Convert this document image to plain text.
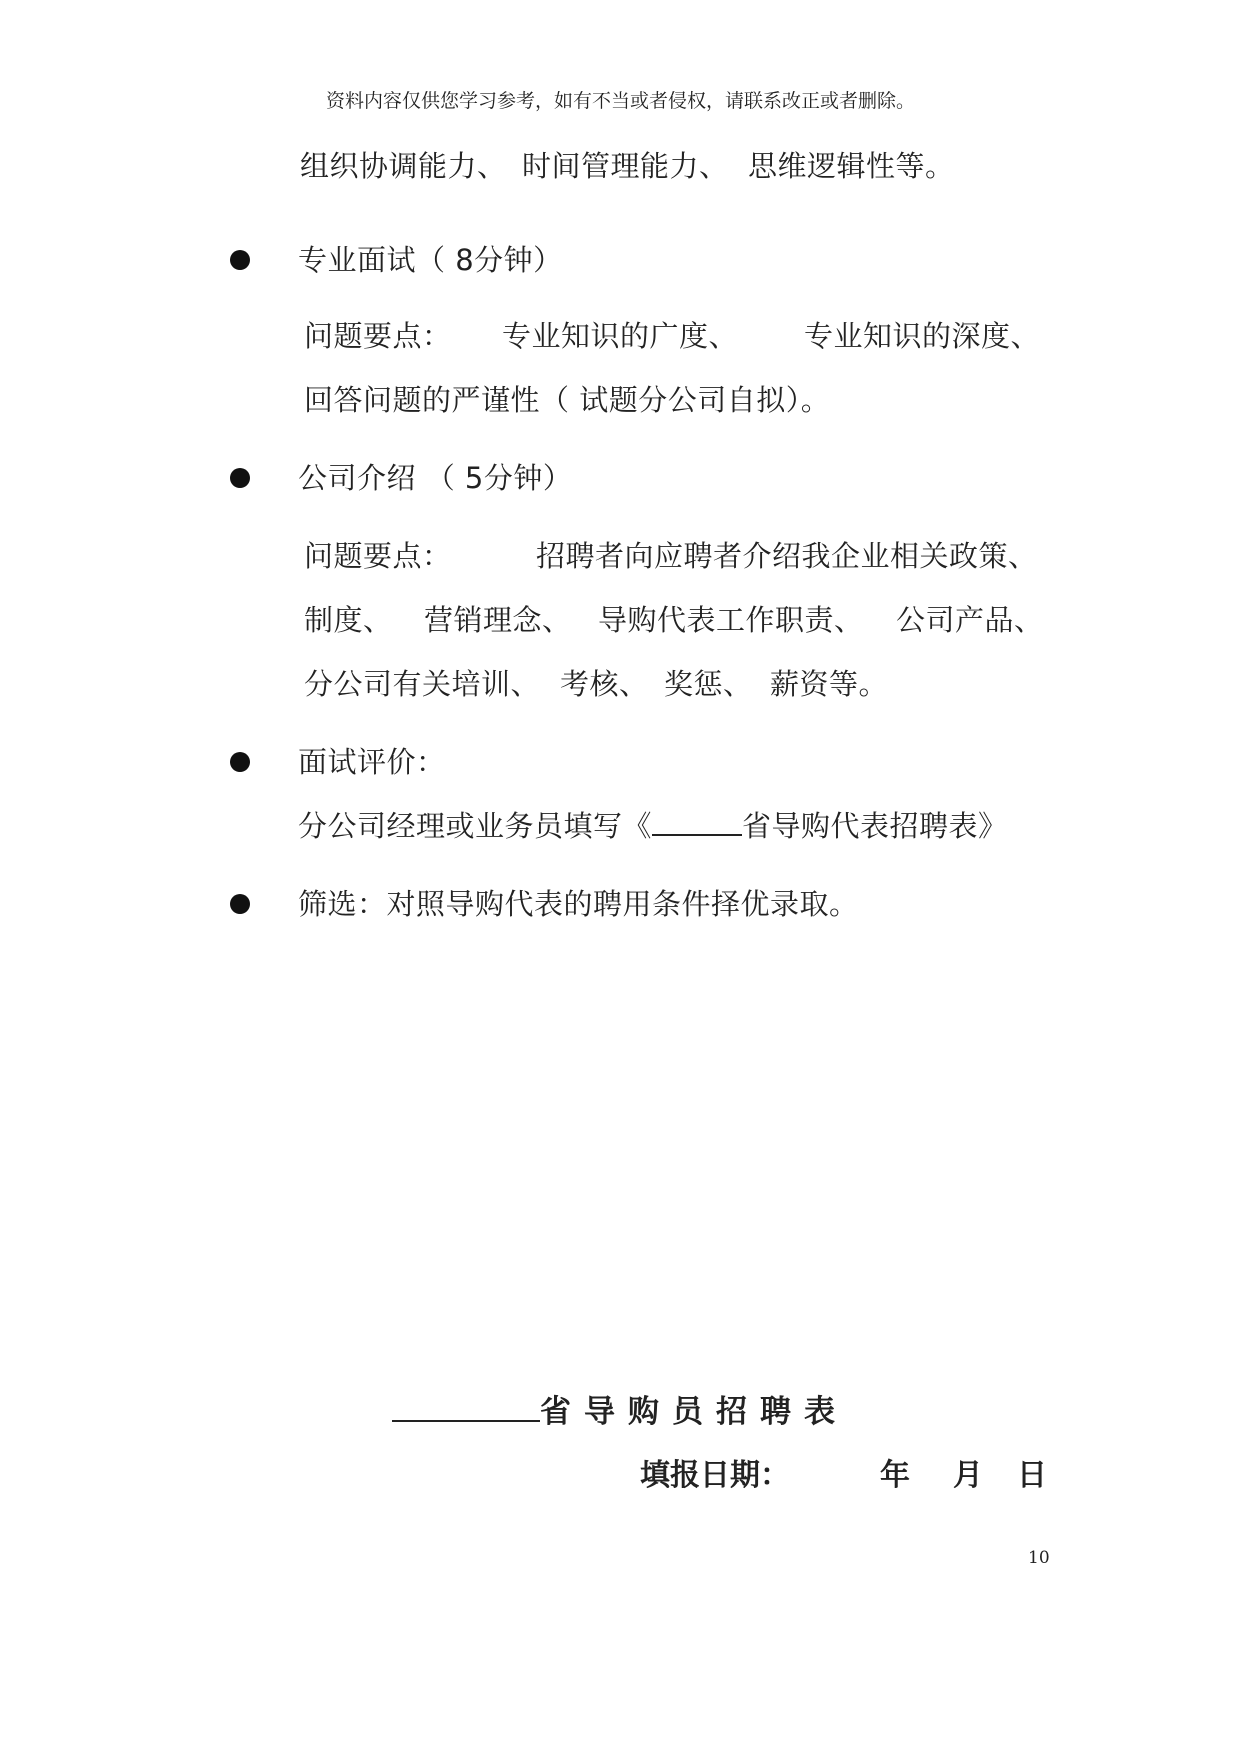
资料内容仅供您学习参考，如有不当或者侵权，请联系改正或者删除。
组织协调能力、 时间管理能力、 思维逻辑性等。
专业面试（ 8分钟）
问题要点： 专业知识的广度、 专业知识的深度、
回答问题的严谨性（ 试题分公司自拟）。
公司介绍 （ 5分钟）
问题要点：	招聘者向应聘者介绍我企业相关政策、
制度、 营销理念、 导购代表工作职责、 公司产品、
分公司有关培训、 考核、 奖惩、 薪资等。
面试评价：
分公司经理或业务员填写《	省导购代表招聘表》
筛选：对照导购代表的聘用条件择优录取。
省导购员招聘表
填报日期：	年 月 日
10
